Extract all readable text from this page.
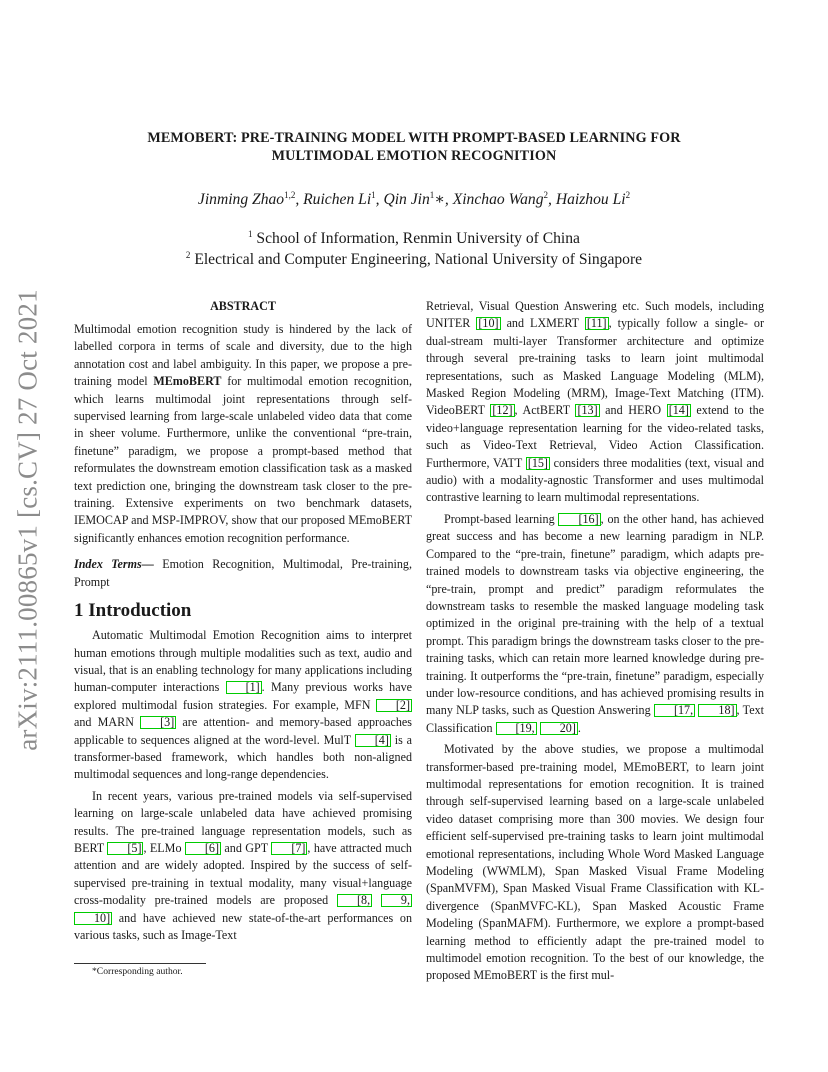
arXiv:2111.00865v1 [cs.CV] 27 Oct 2021
MEMOBERT: PRE-TRAINING MODEL WITH PROMPT-BASED LEARNING FOR
MULTIMODAL EMOTION RECOGNITION
Jinming Zhao$^{1,2}$, Ruichen Li$^1$, Qin Jin$^1$∗, Xinchao Wang$^2$, Haizhou Li$^2$
$^1$ School of Information, Renmin University of China
$^2$ Electrical and Computer Engineering, National University of Singapore
ABSTRACT

Multimodal emotion recognition study is hindered by the lack of labelled corpora in terms of scale and diversity, due to the high annotation cost and label ambiguity. In this paper, we propose a pre-training model MEmoBERT for multimodal emotion recognition, which learns multimodal joint representations through self-supervised learning from large-scale unlabeled video data that come in sheer volume. Furthermore, unlike the conventional “pre-train, finetune” paradigm, we propose a prompt-based method that reformulates the downstream emotion classification task as a masked text prediction one, bringing the downstream task closer to the pre-training. Extensive experiments on two benchmark datasets, IEMOCAP and MSP-IMPROV, show that our proposed MEmoBERT significantly enhances emotion recognition performance.

Index Terms— Emotion Recognition, Multimodal, Pre-training, Prompt

1 Introduction

Automatic Multimodal Emotion Recognition aims to interpret human emotions through multiple modalities such as text, audio and visual, that is an enabling technology for many applications including human-computer interactions [1] . Many previous works have explored multimodal fusion strategies. For example, MFN [2] and MARN [3] are attention- and memory-based approaches applicable to sequences aligned at the word-level. MulT [4] is a transformer-based framework, which handles both non-aligned multimodal sequences and long-range dependencies.

In recent years, various pre-trained models via self-supervised learning on large-scale unlabeled data have achieved promising results. The pre-trained language representation models, such as BERT [5] , ELMo [6] and GPT [7] , have attracted much attention and are widely adopted. Inspired by the success of self-supervised pre-training in textual modality, many visual+language cross-modality pre-trained models are proposed [8,	9, 10] and have achieved new state-of-the-art performances on various tasks, such as Image-Text

Retrieval, Visual Question Answering etc. Such models, including UNITER [10] and LXMERT [11] , typically follow a single- or dual-stream multi-layer Transformer architecture and optimize through several pre-training tasks to learn joint multimodal representations, such as Masked Language Modeling (MLM), Masked Region Modeling (MRM), Image-Text Matching (ITM). VideoBERT [12] , ActBERT [13] and HERO [14] extend to the video+language representation learning for the video-related tasks, such as Video-Text Retrieval, Video Action Classification. Furthermore, VATT [15] considers three modalities (text, visual and audio) with a modality-agnostic Transformer and uses multimodal contrastive learning to learn multimodal representations.

Prompt-based learning [16] , on the other hand, has achieved great success and has become a new learning paradigm in NLP. Compared to the “pre-train, finetune” paradigm, which adapts pre-trained models to downstream tasks via objective engineering, the “pre-train, prompt and predict” paradigm reformulates the downstream tasks to resemble the masked language modeling task optimized in the original pre-training with the help of a textual prompt. This paradigm brings the downstream tasks closer to the pre-training tasks, which can retain more learned knowledge during pre-training. It outperforms the “pre-train, finetune” paradigm, especially under low-resource conditions, and has achieved promising results in many NLP tasks, such as Question Answering [17, 18] , Text Classification [19, 20] .

Motivated by the above studies, we propose a multimodal transformer-based pre-training model, MEmoBERT, to learn joint multimodal representations for emotion recognition. It is trained through self-supervised learning based on a large-scale unlabeled video dataset comprising more than 300 movies. We design four efficient self-supervised pre-training tasks to learn joint multimodal emotional representations, including Whole Word Masked Language Modeling (WWMLM), Span Masked Visual Frame Modeling (SpanMVFM), Span Masked Visual Frame Classification with KL-divergence (SpanMVFC-KL), Span Masked Acoustic Frame Modeling (SpanMAFM). Furthermore, we explore a prompt-based learning method to efficiently adapt the pre-trained model to multimodel emotion recognition. To the best of our knowledge, the proposed MEmoBERT is the first mul-

*Corresponding author.
